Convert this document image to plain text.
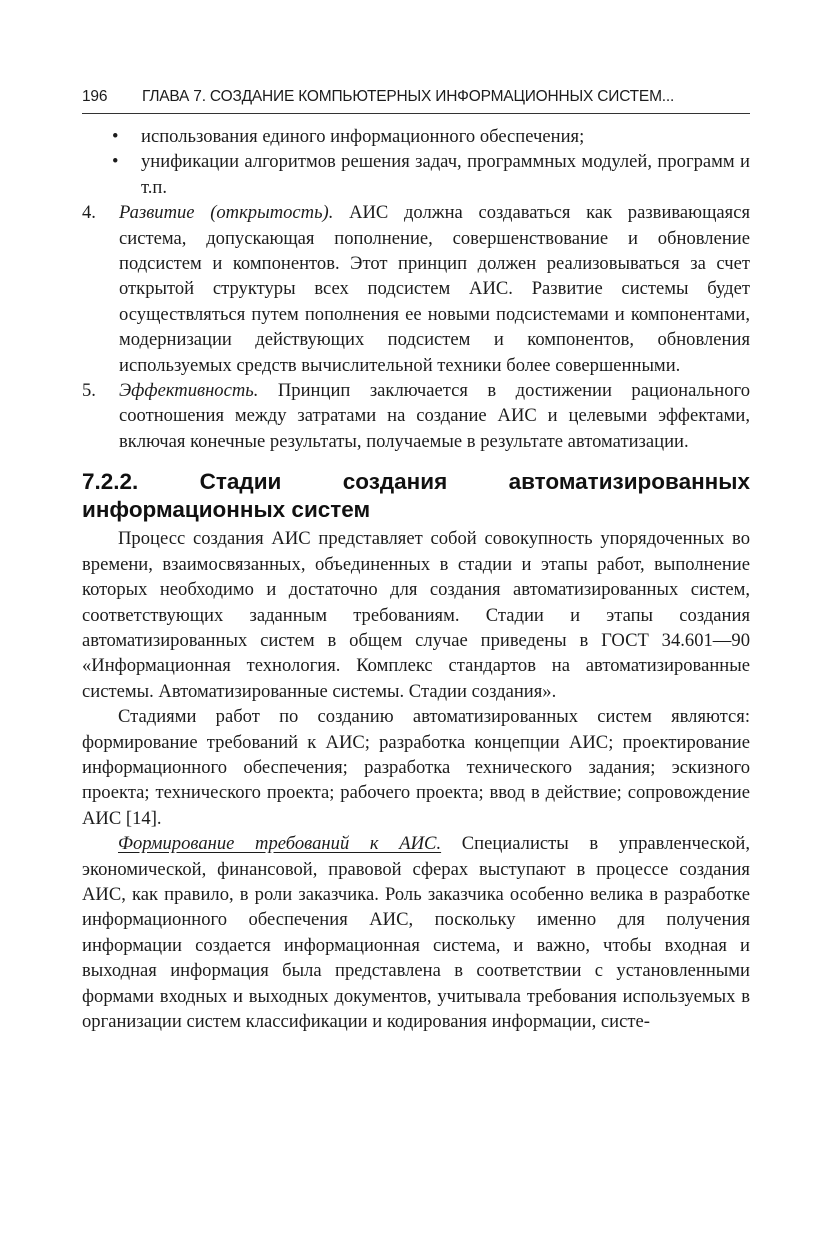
196	ГЛАВА 7. СОЗДАНИЕ КОМПЬЮТЕРНЫХ ИНФОРМАЦИОННЫХ СИСТЕМ...
• использования единого информационного обеспечения;
• унификации алгоритмов решения задач, программных модулей, программ и т.п.
4. Развитие (открытость). АИС должна создаваться как развивающаяся система, допускающая пополнение, совершенствование и обновление подсистем и компонентов. Этот принцип должен реализовываться за счет открытой структуры всех подсистем АИС. Развитие системы будет осуществляться путем пополнения ее новыми подсистемами и компонентами, модернизации действующих подсистем и компонентов, обновления используемых средств вычислительной техники более совершенными.
5. Эффективность. Принцип заключается в достижении рационального соотношения между затратами на создание АИС и целевыми эффектами, включая конечные результаты, получаемые в результате автоматизации.
7.2.2. Стадии создания автоматизированных информационных систем

Процесс создания АИС представляет собой совокупность упорядоченных во времени, взаимосвязанных, объединенных в стадии и этапы работ, выполнение которых необходимо и достаточно для создания автоматизированных систем, соответствующих заданным требованиям. Стадии и этапы создания автоматизированных систем в общем случае приведены в ГОСТ 34.601—90 «Информационная технология. Комплекс стандартов на автоматизированные системы. Автоматизированные системы. Стадии создания».

Стадиями работ по созданию автоматизированных систем являются: формирование требований к АИС; разработка концепции АИС; проектирование информационного обеспечения; разработка технического задания; эскизного проекта; технического проекта; рабочего проекта; ввод в действие; сопровождение АИС [14].

Формирование требований к АИС. Специалисты в управленческой, экономической, финансовой, правовой сферах выступают в процессе создания АИС, как правило, в роли заказчика. Роль заказчика особенно велика в разработке информационного обеспечения АИС, поскольку именно для получения информации создается информационная система, и важно, чтобы входная и выходная информация была представлена в соответствии с установленными формами входных и выходных документов, учитывала требования используемых в организации систем классификации и кодирования информации, систе-
